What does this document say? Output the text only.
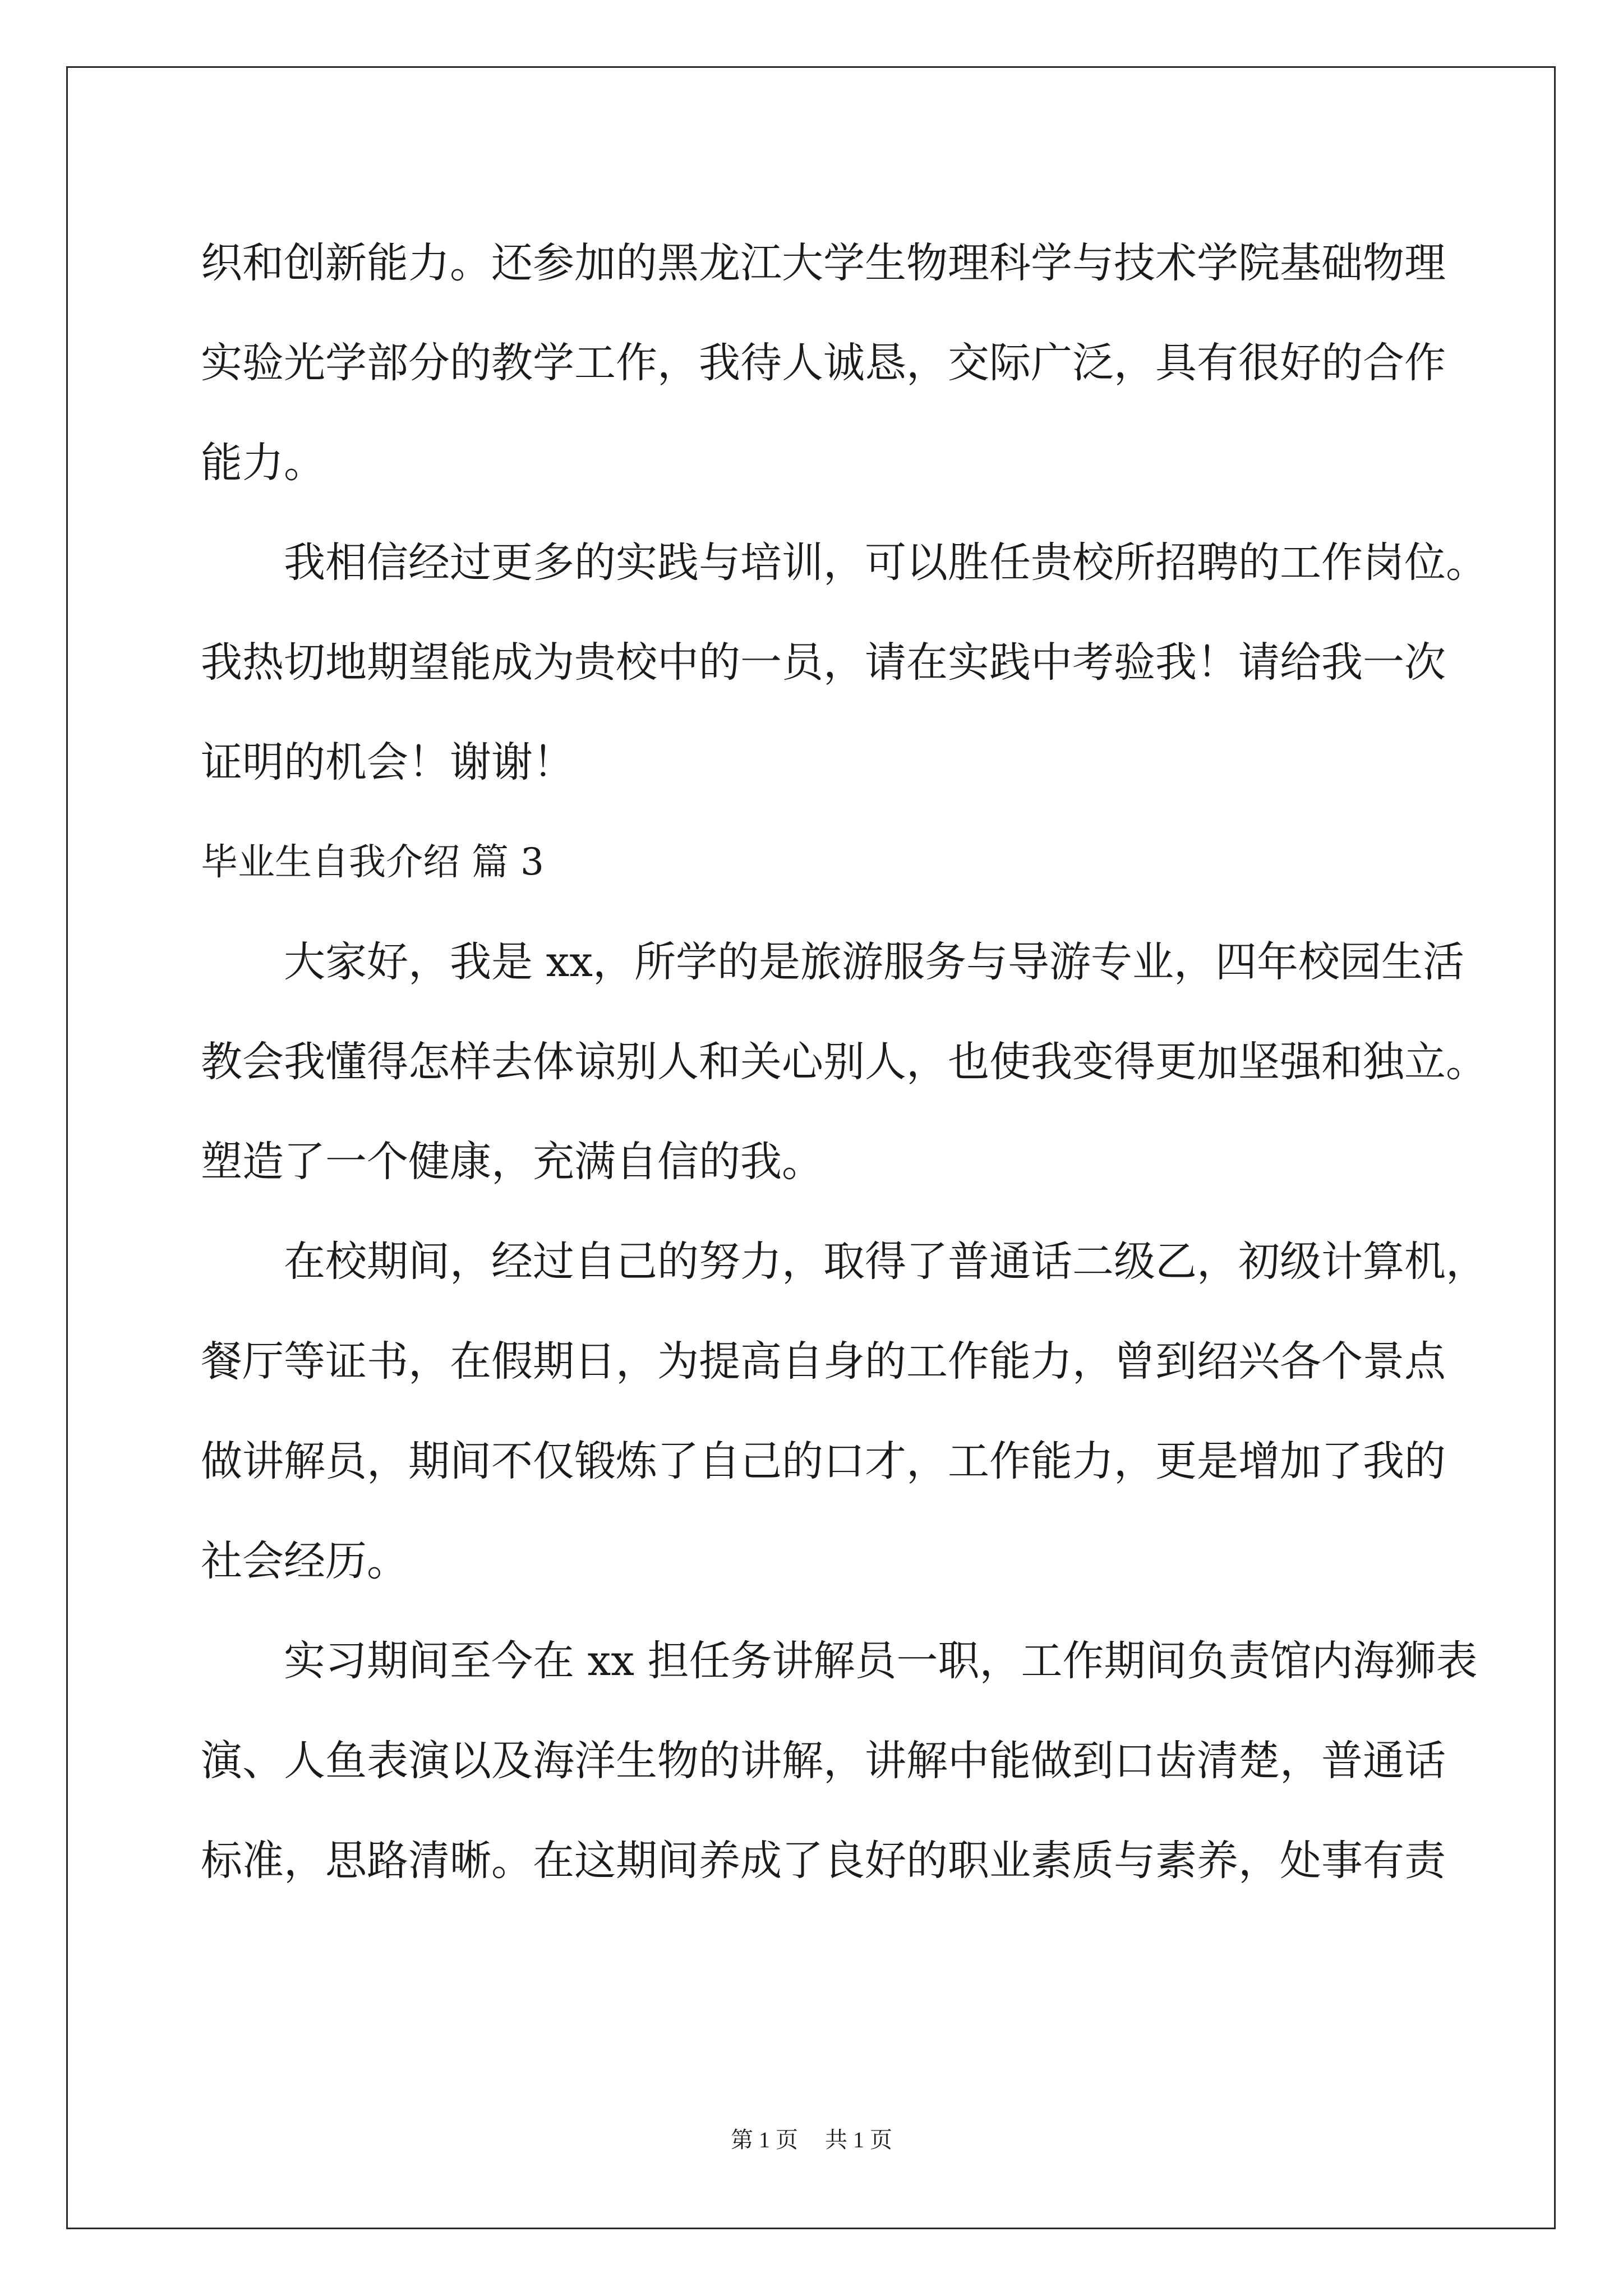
织和创新能力。还参加的黑龙江大学生物理科学与技术学院基础物理
实验光学部分的教学工作，我待人诚恳，交际广泛，具有很好的合作
能力。
我相信经过更多的实践与培训，可以胜任贵校所招聘的工作岗位。
我热切地期望能成为贵校中的一员，请在实践中考验我！请给我一次
证明的机会！谢谢！
毕业生自我介绍 篇 3
大家好，我是 xx，所学的是旅游服务与导游专业，四年校园生活
教会我懂得怎样去体谅别人和关心别人，也使我变得更加坚强和独立。
塑造了一个健康，充满自信的我。
在校期间，经过自己的努力，取得了普通话二级乙，初级计算机，
餐厅等证书，在假期日，为提高自身的工作能力，曾到绍兴各个景点
做讲解员，期间不仅锻炼了自己的口才，工作能力，更是增加了我的
社会经历。
实习期间至今在 xx 担任务讲解员一职，工作期间负责馆内海狮表
演、人鱼表演以及海洋生物的讲解，讲解中能做到口齿清楚，普通话
标准，思路清晰。在这期间养成了良好的职业素质与素养，处事有责
第 1 页 共 1 页
